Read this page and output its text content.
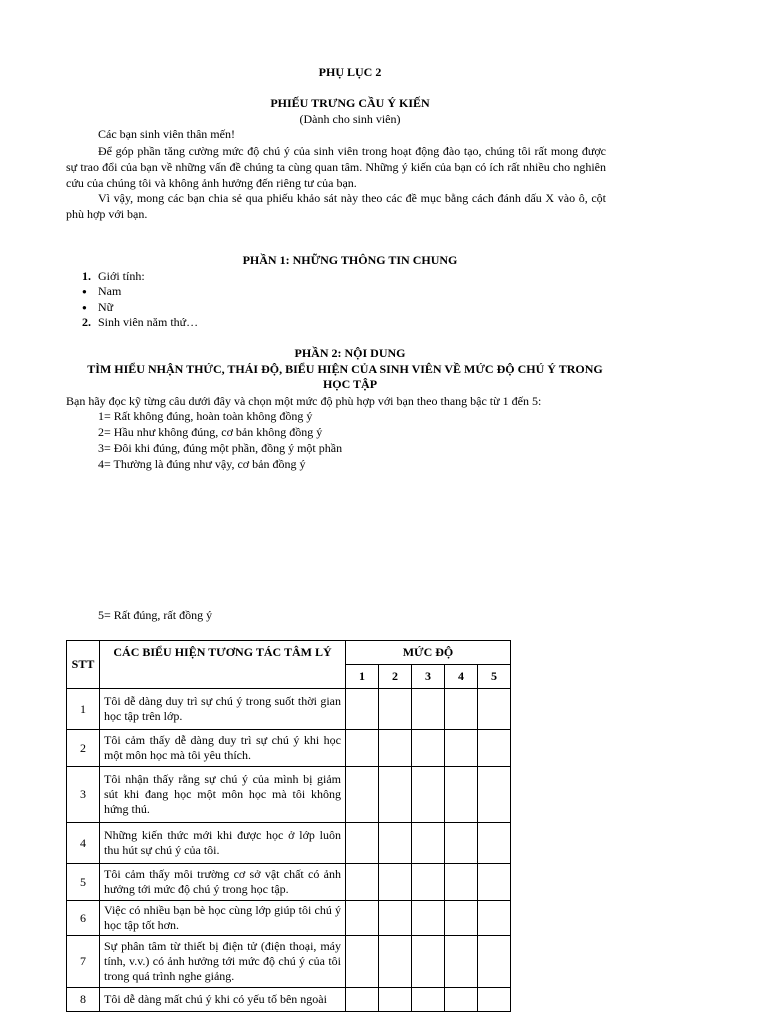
PHỤ LỤC 2
PHIẾU TRƯNG CẦU Ý KIẾN
(Dành cho sinh viên)
Các bạn sinh viên thân mến!
Để góp phần tăng cường mức độ chú ý của sinh viên trong hoạt động đào tạo, chúng tôi rất mong được sự trao đổi của bạn về những vấn đề chúng ta cùng quan tâm. Những ý kiến của bạn có ích rất nhiều cho nghiên cứu của chúng tôi và không ảnh hưởng đến riêng tư của bạn.
Vì vậy, mong các bạn chia sẻ qua phiếu khảo sát này theo các đề mục bằng cách đánh dấu X vào ô, cột phù hợp với bạn.
PHẦN 1: NHỮNG THÔNG TIN CHUNG
1. Giới tính:
● Nam
● Nữ
2. Sinh viên năm thứ…
PHẦN 2: NỘI DUNG
TÌM HIỂU NHẬN THỨC, THÁI ĐỘ, BIỂU HIỆN CỦA SINH VIÊN VỀ MỨC ĐỘ CHÚ Ý TRONG
HỌC TẬP
Bạn hãy đọc kỹ từng câu dưới đây và chọn một mức độ phù hợp với bạn theo thang bậc từ 1 đến 5:
1= Rất không đúng, hoàn toàn không đồng ý
2= Hầu như không đúng, cơ bản không đồng ý
3= Đôi khi đúng, đúng một phần, đồng ý một phần
4= Thường là đúng như vậy, cơ bản đồng ý
5= Rất đúng, rất đồng ý
STT	CÁC BIỂU HIỆN TƯƠNG TÁC TÂM LÝ	MỨC ĐỘ				
		1	2	3	4	5
1	Tôi dễ dàng duy trì sự chú ý trong suốt thời gian học tập trên lớp.					

2	Tôi cảm thấy dễ dàng duy trì sự chú ý khi học một môn học mà tôi yêu thích.					

3	Tôi nhận thấy rằng sự chú ý của mình bị giảm sút khi đang học một môn học mà tôi không hứng thú.					

4	Những kiến thức mới khi được học ở lớp luôn thu hút sự chú ý của tôi.					

5	Tôi cảm thấy môi trường cơ sở vật chất có ảnh hưởng tới mức độ chú ý trong học tập.					

6	Việc có nhiều bạn bè học cùng lớp giúp tôi chú ý học tập tốt hơn.					

7	Sự phân tâm từ thiết bị điện tử (điện thoại, máy tính, v.v.) có ảnh hưởng tới mức độ chú ý của tôi trong quá trình nghe giảng.					

8	Tôi dễ dàng mất chú ý khi có yếu tố bên ngoài					
